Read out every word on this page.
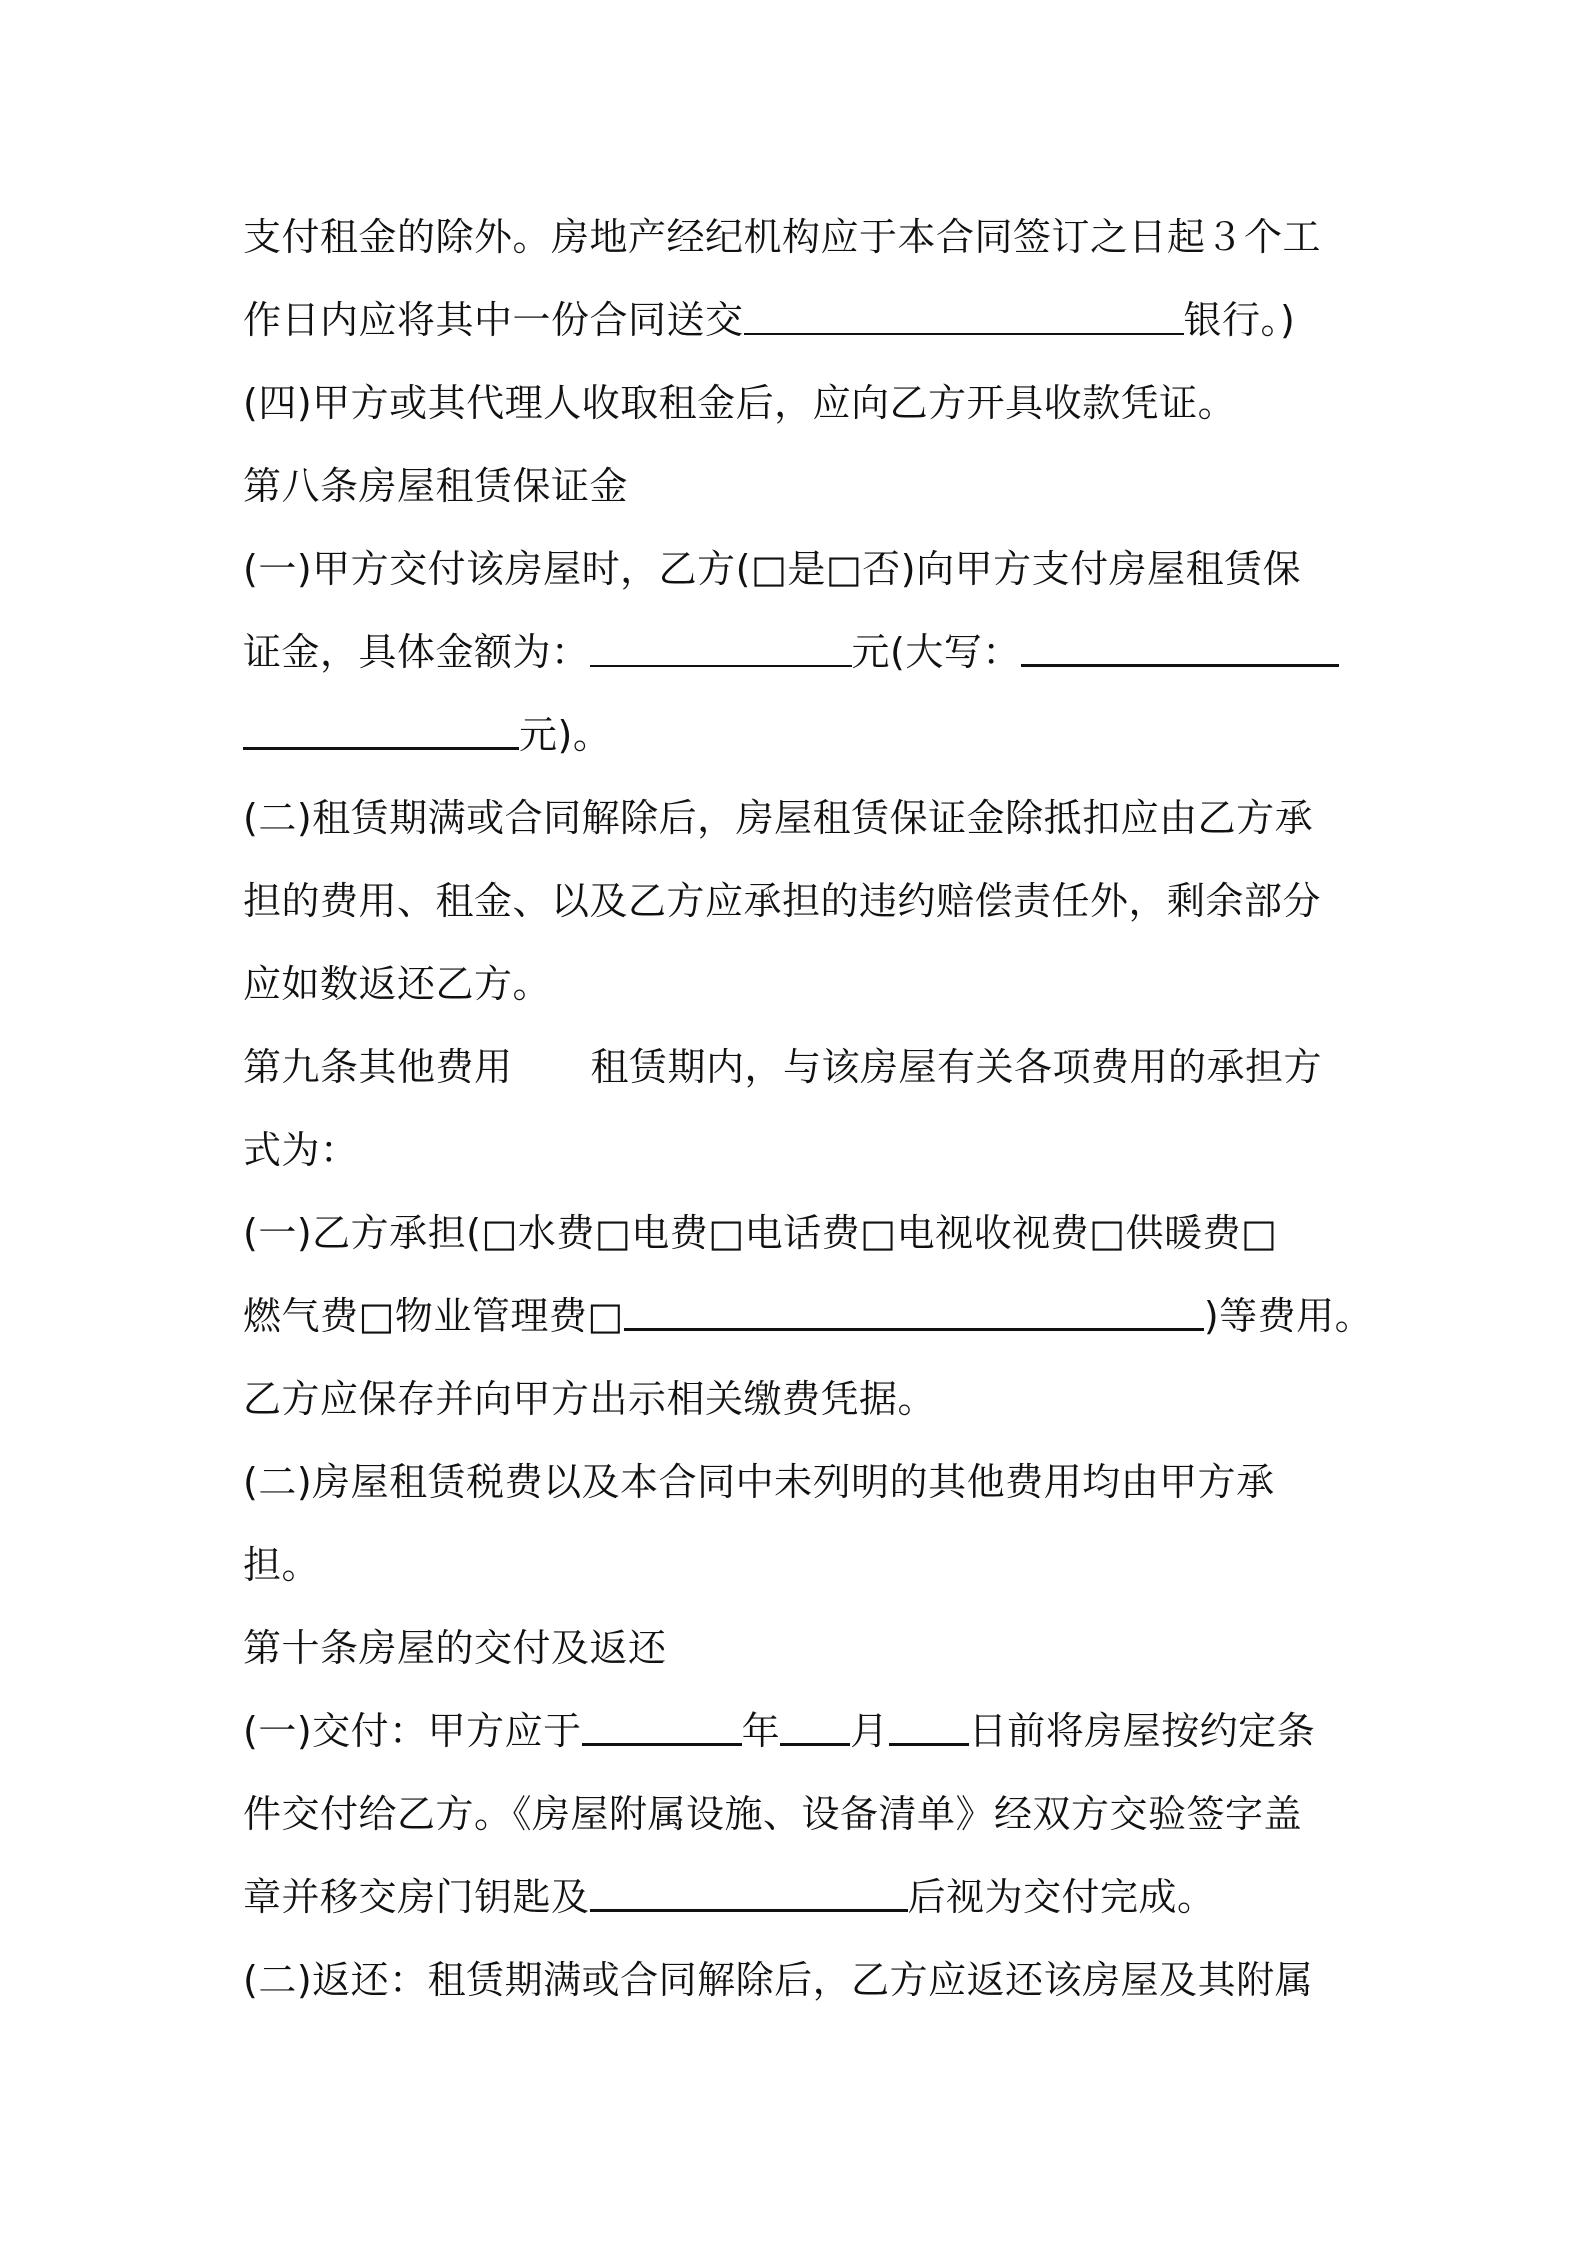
支付租金的除外。房地产经纪机构应于本合同签订之日起３个工
作日内应将其中一份合同送交	银行。)
(四)甲方或其代理人收取租金后，应向乙方开具收款凭证。
第八条房屋租赁保证金
(一)甲方交付该房屋时，乙方(□是□否)向甲方支付房屋租赁保
证金，具体金额为：	元(大写：
元)。
(二)租赁期满或合同解除后，房屋租赁保证金除抵扣应由乙方承
担的费用、租金、以及乙方应承担的违约赔偿责任外，剩余部分
应如数返还乙方。
第九条其他费用 租赁期内，与该房屋有关各项费用的承担方
式为：
(一)乙方承担(□水费□电费□电话费□电视收视费□供暖费□
燃气费□物业管理费□	)等费用。
乙方应保存并向甲方出示相关缴费凭据。
(二)房屋租赁税费以及本合同中未列明的其他费用均由甲方承
担。
第十条房屋的交付及返还
(一)交付：甲方应于	年 月 日前将房屋按约定条
件交付给乙方。《房屋附属设施、设备清单》经双方交验签字盖
章并移交房门钥匙及	后视为交付完成。
(二)返还：租赁期满或合同解除后，乙方应返还该房屋及其附属
